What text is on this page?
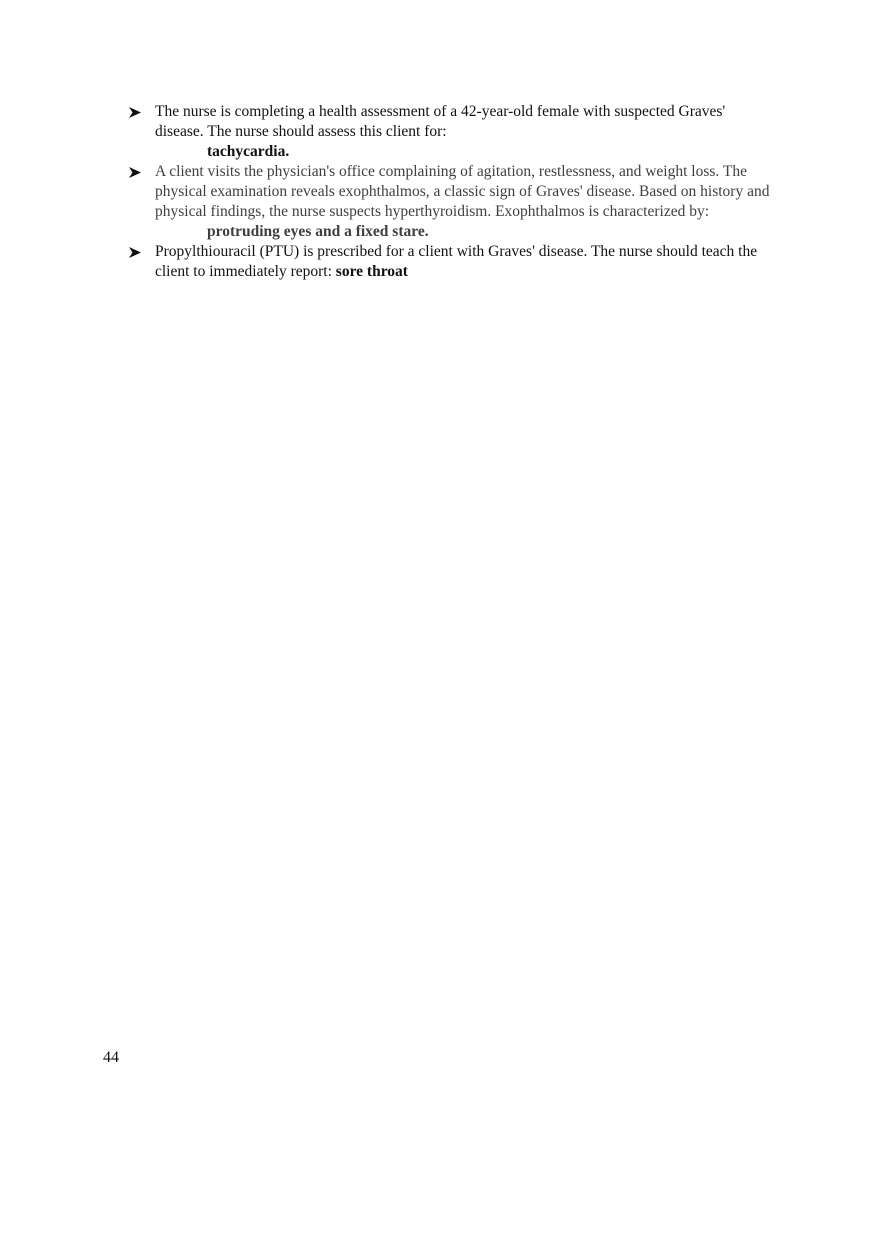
The nurse is completing a health assessment of a 42-year-old female with suspected Graves' disease. The nurse should assess this client for:
tachycardia.
A client visits the physician's office complaining of agitation, restlessness, and weight loss. The physical examination reveals exophthalmos, a classic sign of Graves' disease. Based on history and physical findings, the nurse suspects hyperthyroidism. Exophthalmos is characterized by:
protruding eyes and a fixed stare.
Propylthiouracil (PTU) is prescribed for a client with Graves' disease. The nurse should teach the client to immediately report: sore throat
44
